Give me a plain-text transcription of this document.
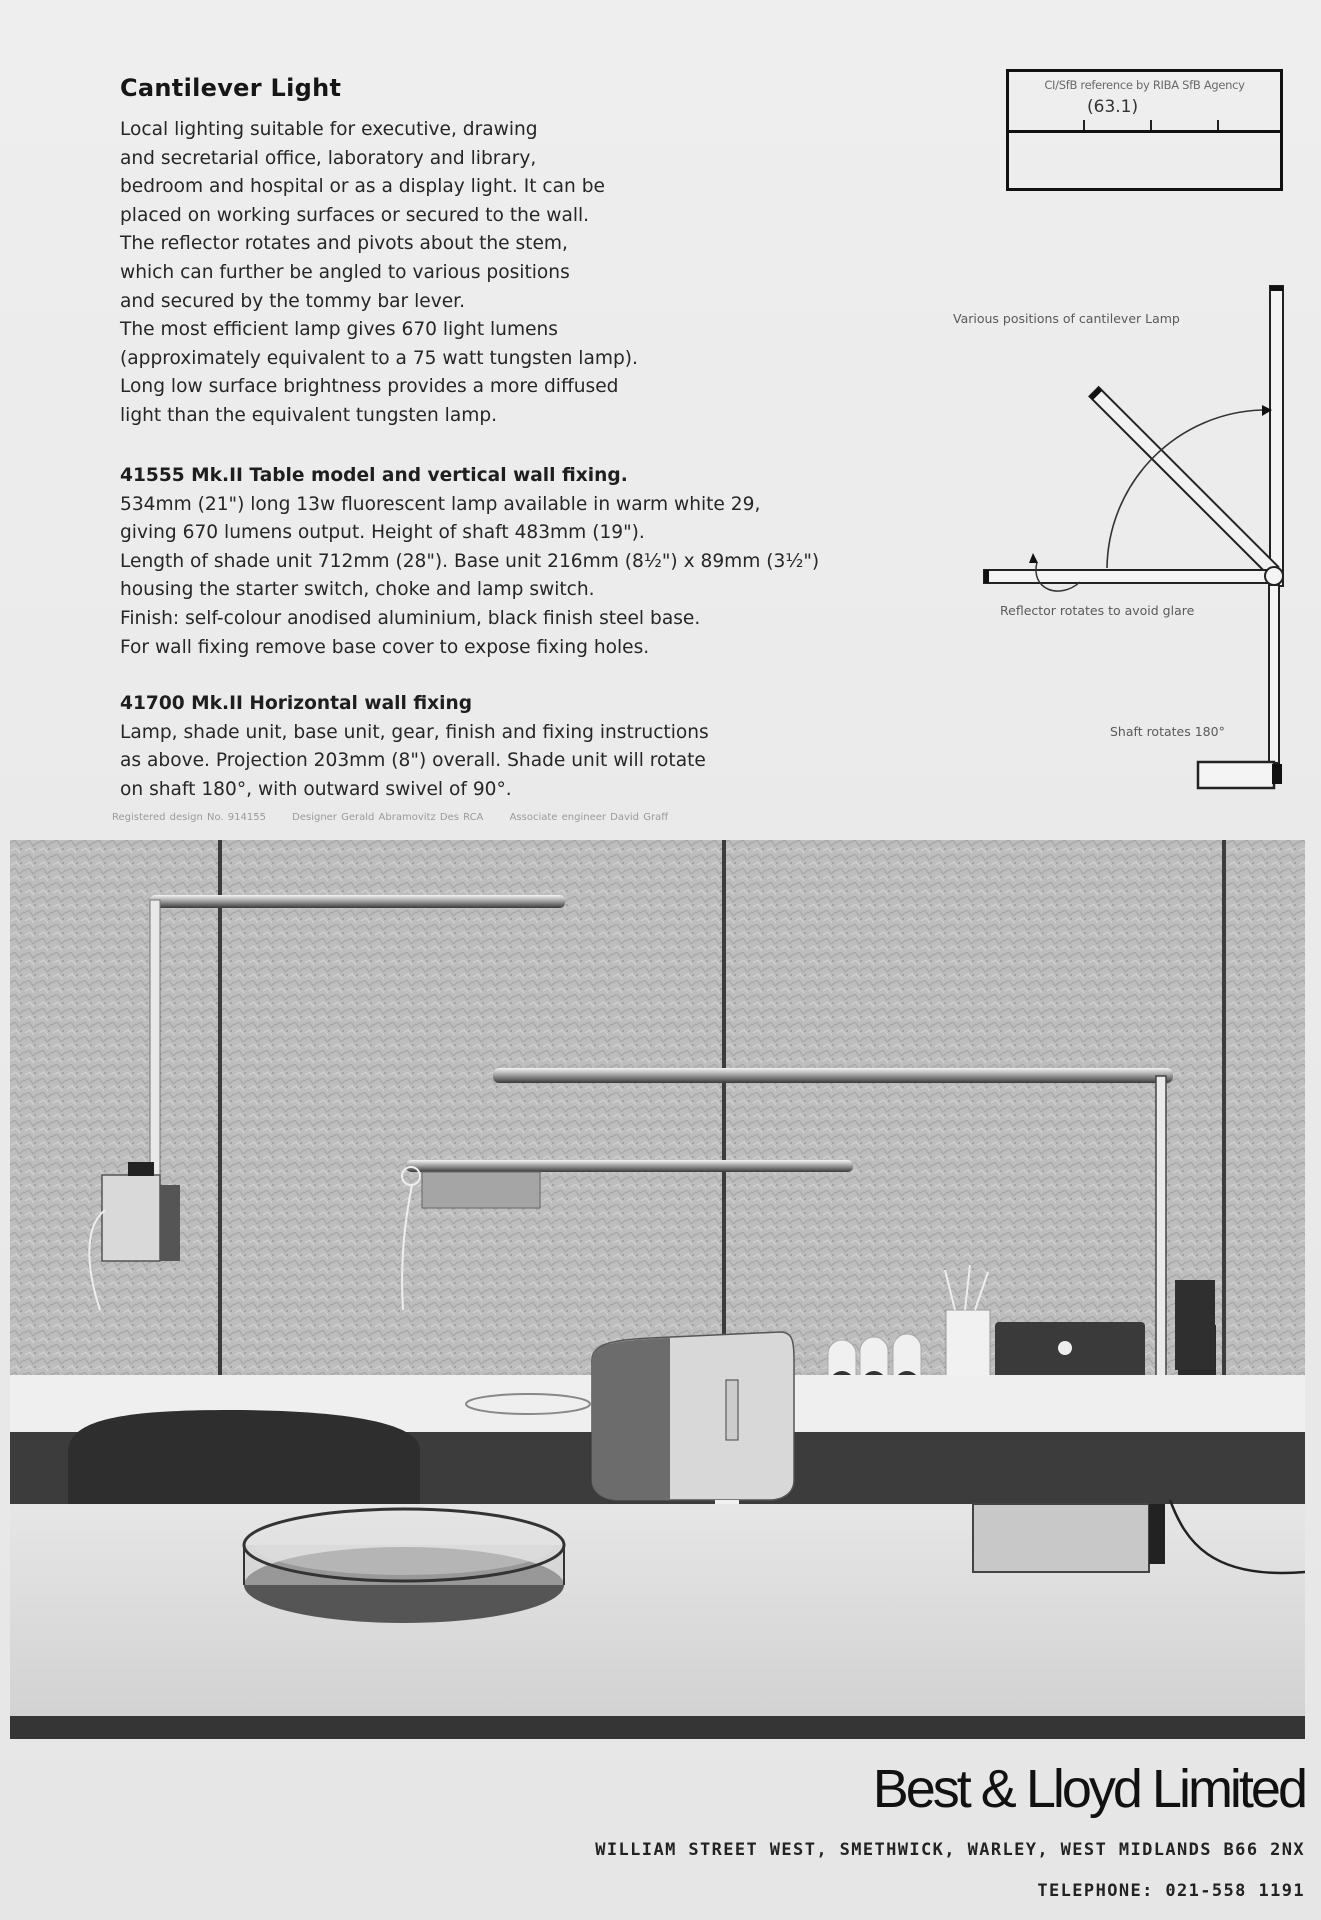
Cantilever Light
Local lighting suitable for executive, drawing
and secretarial office, laboratory and library,
bedroom and hospital or as a display light. It can be
placed on working surfaces or secured to the wall.
The reflector rotates and pivots about the stem,
which can further be angled to various positions
and secured by the tommy bar lever.
The most efficient lamp gives 670 light lumens
(approximately equivalent to a 75 watt tungsten lamp).
Long low surface brightness provides a more diffused
light than the equivalent tungsten lamp.
41555 Mk.II Table model and vertical wall fixing.
534mm (21") long 13w fluorescent lamp available in warm white 29,
giving 670 lumens output. Height of shaft 483mm (19").
Length of shade unit 712mm (28"). Base unit 216mm (8½") x 89mm (3½")
housing the starter switch, choke and lamp switch.
Finish: self-colour anodised aluminium, black finish steel base.
For wall fixing remove base cover to expose fixing holes.
41700 Mk.II Horizontal wall fixing
Lamp, shade unit, base unit, gear, finish and fixing instructions
as above. Projection 203mm (8") overall. Shade unit will rotate
on shaft 180°, with outward swivel of 90°.
Registered design No. 914155	Designer Gerald Abramovitz Des RCA	Associate engineer David Graff
CI/SfB reference by RIBA SfB Agency
(63.1)
Various positions of cantilever Lamp
Reflector rotates to avoid glare
Shaft rotates 180°
Best & Lloyd Limited
WILLIAM STREET WEST, SMETHWICK, WARLEY, WEST MIDLANDS B66 2NX
TELEPHONE: 021-558 1191
